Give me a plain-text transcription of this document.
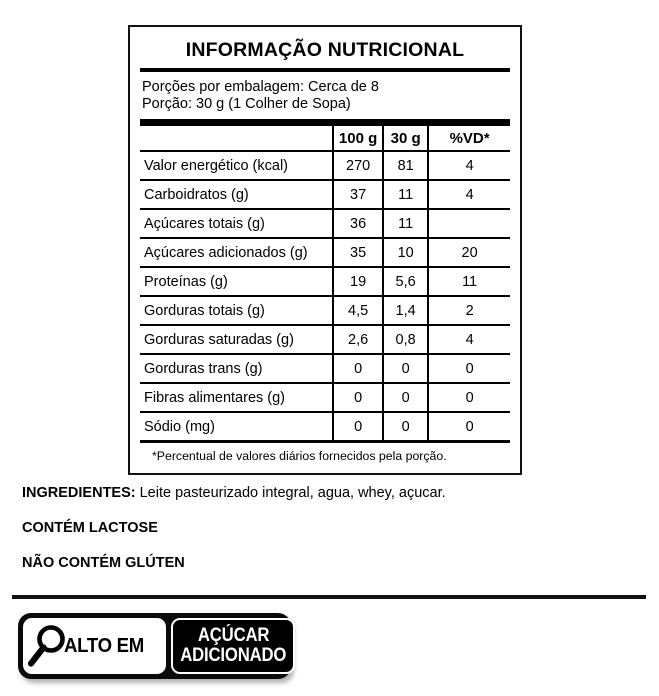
INFORMAÇÃO NUTRICIONAL
Porções por embalagem: Cerca de 8
Porção: 30 g (1 Colher de Sopa)
	100 g	30 g	%VD*
Valor energético (kcal)	270	81	4
Carboidratos (g)	37	11	4
Açúcares totais (g)	36	11	
Açúcares adicionados (g)	35	10	20
Proteínas (g)	19	5,6	11
Gorduras totais (g)	4,5	1,4	2
Gorduras saturadas (g)	2,6	0,8	4
Gorduras trans (g)	0	0	0
Fibras alimentares (g)	0	0	0
Sódio (mg)	0	0	0
*Percentual de valores diários fornecidos pela porção.
INGREDIENTES: Leite pasteurizado integral, agua, whey, açucar.
CONTÉM LACTOSE
NÃO CONTÉM GLÚTEN
ALTO EM	AÇÚCAR
ADICIONADO
